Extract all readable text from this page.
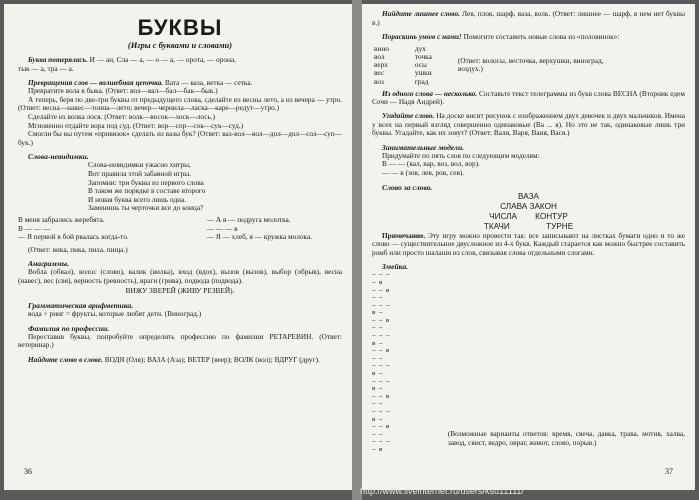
БУКВЫ

(Игры с буквами и словами)

Буква потерялась. И — ан, Сла — а, — о — а, — орота, — орона,

тык — а, тра — а.

Превращения слов — волшебная цепочка. Вата — ваза, ветка — сетка.

Превратите вола в быка. (Ответ: вол—вал—бал—бак—бык.)

А теперь, беря по две-три буквы от предыдущего слова, сделайте из весны лето, а из вечера — утро. (Ответ: весна—навес—тонна—лето; вечер—чернила—ласка—каре—редут—утро.)

Сделайте из волка лося. (Ответ: волк—восок—лоск—лось.)

Мгновенно отдайте вора под суд. (Ответ: вор—сор—сок—сук—суд.)

Смогли бы вы путем «привязок» сделать из вазы бук? (Ответ: ваз-вол—вол—дол—дол—сол—суп—бук.)

Слова-невидимки.

Слова-невидимки ужасно хитры,

Вот правила этой забавной игры.

Запомни: три буквы из первого слова

В таком же порядке в составе второго

И новая буква всего лишь одна.

Заменишь ты черточки все до конца?

В меня забрались жеребята.

В — — —

— Я первой в бой рвалась когда-то.

— А я — подруга молотка.

— — — в

— Я — хлеб, я — кружка молока.

(Ответ: вика, пика, пила, пища.)

Анаграммы.

Вобла (обвал), волос (слово), валик (вилка), вход (вдох), вызов (вызов), выбор (обрыв), весна (навес), вес (свя), верность (ревность), враги (грива), подвода (подвода).

ВИЖУ ЗВЕРЕЙ (ЖИВУ РЕЗВЕЙ).

Грамматическая арифметика.

вода + ринг = фрукты, которые любят дети. (Виноград.)

Фамилия по профессии.

Переставив буквы, попробуйте определить профессию по фамилии РЕТАРЕВИН. (Ответ: ветеринар.)

Найдите слово в слове. ВОДЯ (Оля); ВАЗА (Аза); ВЕТЕР (веер); ВОЛК (вол); ВДРУГ (друг).

36

Найдите лишнее слово. Лев, плов, шарф, ваза, волк. (Ответ: лишнее — шарф, в нем нет буквы в.)

Пораскинь умом с нами! Помогите составить новые слова из «половинок»:

вино

вол

верх

вес

воз

дух

точка

осы

ушки

град

(Ответ: волосы, весточка, верхушки, виноград, воздух.)

Из одного слова — несколько. Составьте текст телеграммы из букв слова ВЕСНА (Вторник едем Сочи — Надя Андрей).

Угадайте слово. На доске висит рисунок с изображением двух девочек и двух мальчиков. Имена у всех на первый взгляд совершенно одинаковые (Ва ... я). Но это не так, одинаковые лишь три буквы. Угадайте, как их зовут? (Ответ: Валя, Варя, Ваня, Вася.)

Занимательные модели.

Придумайте по пять слов по следующим моделям:

В — — (вал, вар, воз, вол, вор).

— — в (зов, лев, ров, сев).

Слово за слово.

ВАЗА

СЛАВА ЗАКОН

ЧИСЛА        КОНТУР

ТКАЧИ                ТУРНЕ

Примечание. Эту игру можно провести так: все записывают на листках бумаги одно и то же слово — существительное двусложное из 4-х букв. Каждый старается как можно быстрее составить ромб или просто шалаши из слов, связывая слова отдельными слогами.

Змейка.

— — — — в

— — в — —

— — — в —

— — в — —

— — — в —

— — в — —

— — — в —

— — — в —

— — в — —

— — — в —

— — в — —

— — — — в

(Возможные варианты ответов: время, свеча, давка, трава, мотив, халва, завод, свист, ведро, овраг, живот, слово, порыв.)

37
http://www.liveinternet.ru/users/ksu11111/
